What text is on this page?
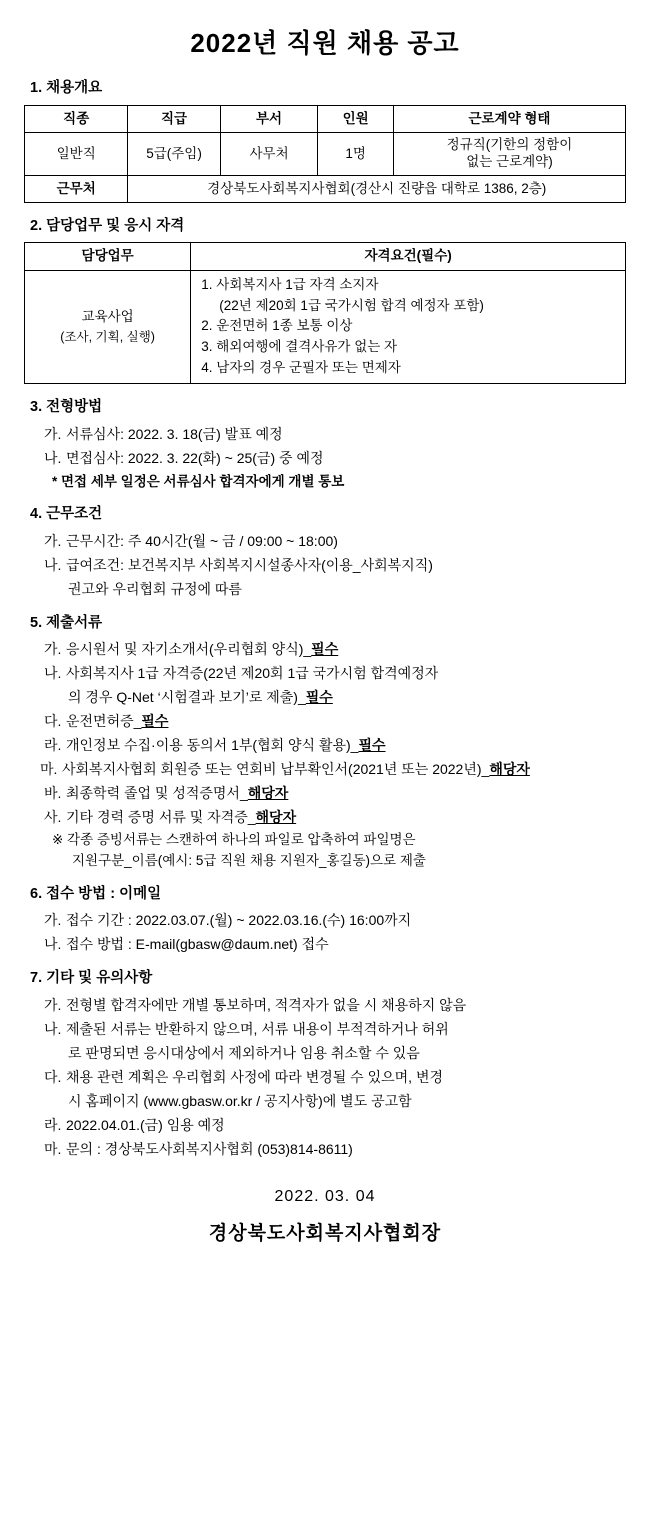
2022년 직원 채용 공고
1. 채용개요
직종	직급	부서	인원	근로계약 형태
일반직	5급(주임)	사무처	1명	정규직(기한의 정함이
없는 근로계약)
근무처	경상북도사회복지사협회(경산시 진량읍 대학로 1386, 2층)			
2. 담당업무 및 응시 자격
담당업무	자격요건(필수)
교육사업
(조사, 기획, 실행)	1. 사회복지사 1급 자격 소지자

(22년 제20회 1급 국가시험 합격 예정자 포함)
2. 운전면허 1종 보통 이상
3. 해외여행에 결격사유가 없는 자
4. 남자의 경우 군필자 또는 면제자
3. 전형방법
가. 서류심사: 2022. 3. 18(금) 발표 예정
나. 면접심사: 2022. 3. 22(화) ~ 25(금) 중 예정
* 면접 세부 일정은 서류심사 합격자에게 개별 통보
4. 근무조건
가. 근무시간: 주 40시간(월 ~ 금 / 09:00 ~ 18:00)
나. 급여조건: 보건복지부 사회복지시설종사자(이용_사회복지직)
권고와 우리협회 규정에 따름
5. 제출서류
가. 응시원서 및 자기소개서(우리협회 양식)_필수
나. 사회복지사 1급 자격증(22년 제20회 1급 국가시험 합격예정자
의 경우 Q-Net ‘시험결과 보기’로 제출)_필수
다. 운전면허증_필수
라. 개인정보 수집·이용 동의서 1부(협회 양식 활용)_필수
마. 사회복지사협회 회원증 또는 연회비 납부확인서(2021년 또는 2022년)_해당자
바. 최종학력 졸업 및 성적증명서_해당자
사. 기타 경력 증명 서류 및 자격증_해당자
※ 각종 증빙서류는 스캔하여 하나의 파일로 압축하여 파일명은
지원구분_이름(예시: 5급 직원 채용 지원자_홍길동)으로 제출
6. 접수 방법 : 이메일
가. 접수 기간 : 2022.03.07.(월) ~ 2022.03.16.(수) 16:00까지
나. 접수 방법 : E-mail(gbasw@daum.net) 접수
7. 기타 및 유의사항
가. 전형별 합격자에만 개별 통보하며, 적격자가 없을 시 채용하지 않음
나. 제출된 서류는 반환하지 않으며, 서류 내용이 부적격하거나 허위
로 판명되면 응시대상에서 제외하거나 임용 취소할 수 있음
다. 채용 관련 계획은 우리협회 사정에 따라 변경될 수 있으며, 변경
시 홈페이지 (www.gbasw.or.kr / 공지사항)에 별도 공고함
라. 2022.04.01.(금) 임용 예정
마. 문의 : 경상북도사회복지사협회 (053)814-8611)
2022. 03. 04
경상북도사회복지사협회장
